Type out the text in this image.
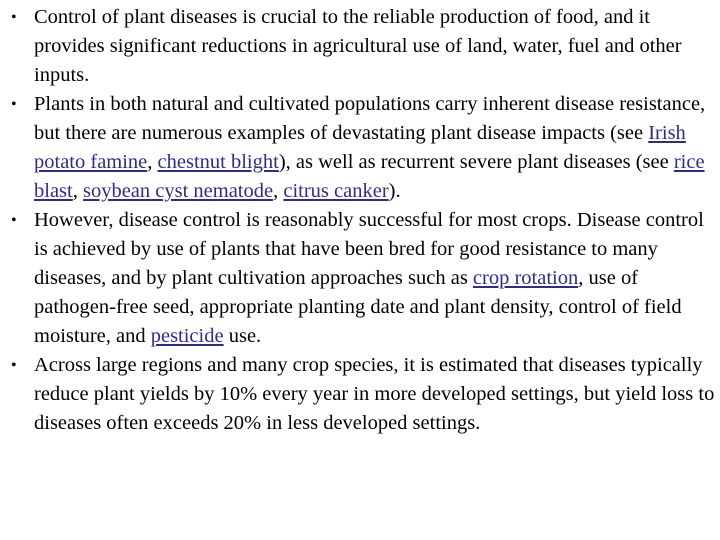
• Control of plant diseases is crucial to the reliable production of food, and it provides significant reductions in agricultural use of land, water, fuel and other inputs.
• Plants in both natural and cultivated populations carry inherent disease resistance, but there are numerous examples of devastating plant disease impacts (see Irish potato famine, chestnut blight), as well as recurrent severe plant diseases (see rice blast, soybean cyst nematode, citrus canker).
• However, disease control is reasonably successful for most crops. Disease control is achieved by use of plants that have been bred for good resistance to many diseases, and by plant cultivation approaches such as crop rotation, use of pathogen-free seed, appropriate planting date and plant density, control of field moisture, and pesticide use.
• Across large regions and many crop species, it is estimated that diseases typically reduce plant yields by 10% every year in more developed settings, but yield loss to diseases often exceeds 20% in less developed settings.
